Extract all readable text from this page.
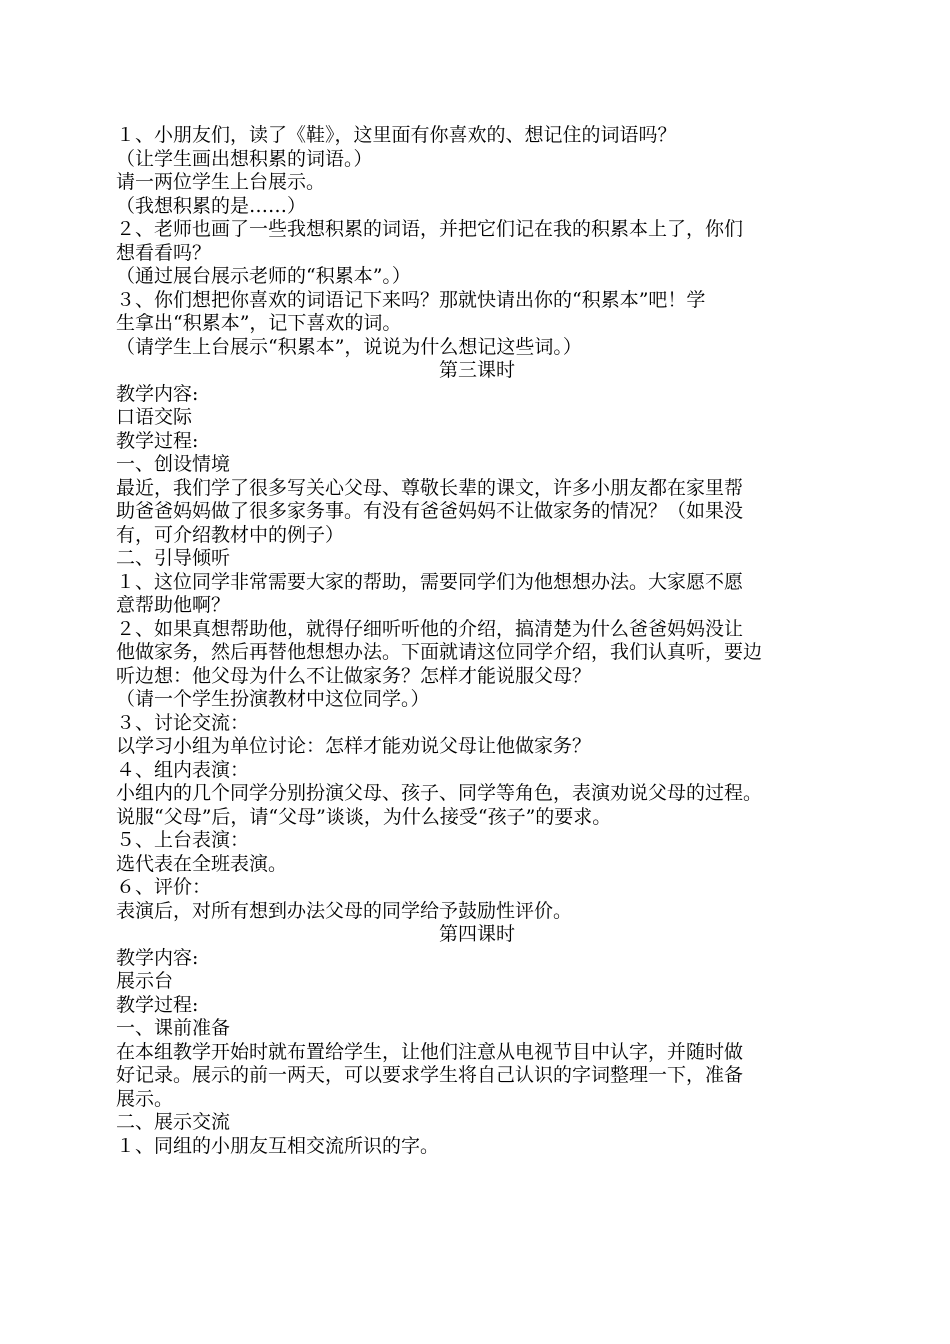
１、小朋友们，读了《鞋》，这里面有你喜欢的、想记住的词语吗？
（让学生画出想积累的词语。）
请一两位学生上台展示。
（我想积累的是……）
２、老师也画了一些我想积累的词语，并把它们记在我的积累本上了，你们
想看看吗？
（通过展台展示老师的“积累本”。）
３、你们想把你喜欢的词语记下来吗？那就快请出你的“积累本”吧！学
生拿出“积累本”，记下喜欢的词。
（请学生上台展示“积累本”，说说为什么想记这些词。）
第三课时
教学内容:
口语交际
教学过程:
一、创设情境
最近，我们学了很多写关心父母、尊敬长辈的课文，许多小朋友都在家里帮
助爸爸妈妈做了很多家务事。有没有爸爸妈妈不让做家务的情况？（如果没
有，可介绍教材中的例子）
二、引导倾听
１、这位同学非常需要大家的帮助，需要同学们为他想想办法。大家愿不愿
意帮助他啊？
２、如果真想帮助他，就得仔细听听他的介绍，搞清楚为什么爸爸妈妈没让
他做家务，然后再替他想想办法。下面就请这位同学介绍，我们认真听，要边
听边想：他父母为什么不让做家务？怎样才能说服父母？
（请一个学生扮演教材中这位同学。）
３、讨论交流：
以学习小组为单位讨论：怎样才能劝说父母让他做家务？
４、组内表演：
小组内的几个同学分别扮演父母、孩子、同学等角色，表演劝说父母的过程。
说服“父母”后，请“父母”谈谈，为什么接受“孩子”的要求。
５、上台表演：
选代表在全班表演。
６、评价：
表演后，对所有想到办法父母的同学给予鼓励性评价。
第四课时
教学内容:
展示台
教学过程:
一、课前准备
在本组教学开始时就布置给学生，让他们注意从电视节目中认字，并随时做
好记录。展示的前一两天，可以要求学生将自己认识的字词整理一下，准备
展示。
二、展示交流
１、同组的小朋友互相交流所识的字。
